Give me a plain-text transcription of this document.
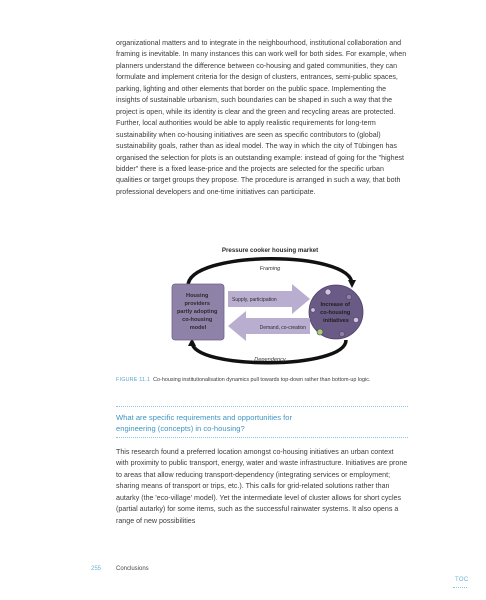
organizational matters and to integrate in the neighbourhood, institutional collaboration and framing is inevitable. In many instances this can work well for both sides. For example, when planners understand the difference between co-housing and gated communities, they can formulate and implement criteria for the design of clusters, entrances, semi-public spaces, parking, lighting and other elements that border on the public space. Implementing the insights of sustainable urbanism, such boundaries can be shaped in such a way that the project is open, while its identity is clear and the green and recycling areas are protected. Further, local authorities would be able to apply realistic requirements for long-term sustainability when co-housing initiatives are seen as specific contributors to (global) sustainability goals, rather than as ideal model. The way in which the city of Tübingen has organised the selection for plots is an outstanding example: instead of going for the "highest bidder" there is a fixed lease-price and the projects are selected for the specific urban qualities or target groups they propose. The procedure is arranged in such a way, that both professional developers and one-time initiatives can participate.

Pressure cooker housing market
Framing
Dependency
Housing providers partly adopting co-housing model
Increase of co-housing initiatives
Supply, participation
Demand, co-creation
FIGURE 11.1 Co-housing institutionalisation dynamics pull towards top-down rather than bottom-up logic.

What are specific requirements and opportunities for
engineering (concepts) in co-housing?

This research found a preferred location amongst co-housing initiatives an urban context with proximity to public transport, energy, water and waste infrastructure. Initiatives are prone to areas that allow reducing transport-dependency (integrating services or employment; sharing means of transport or trips, etc.). This calls for grid-related solutions rather than autarky (the 'eco-village' model). Yet the intermediate level of cluster allows for short cycles (partial autarky) for some items, such as the successful rainwater systems. It also opens a range of new possibilities

255 Conclusions
TOC
